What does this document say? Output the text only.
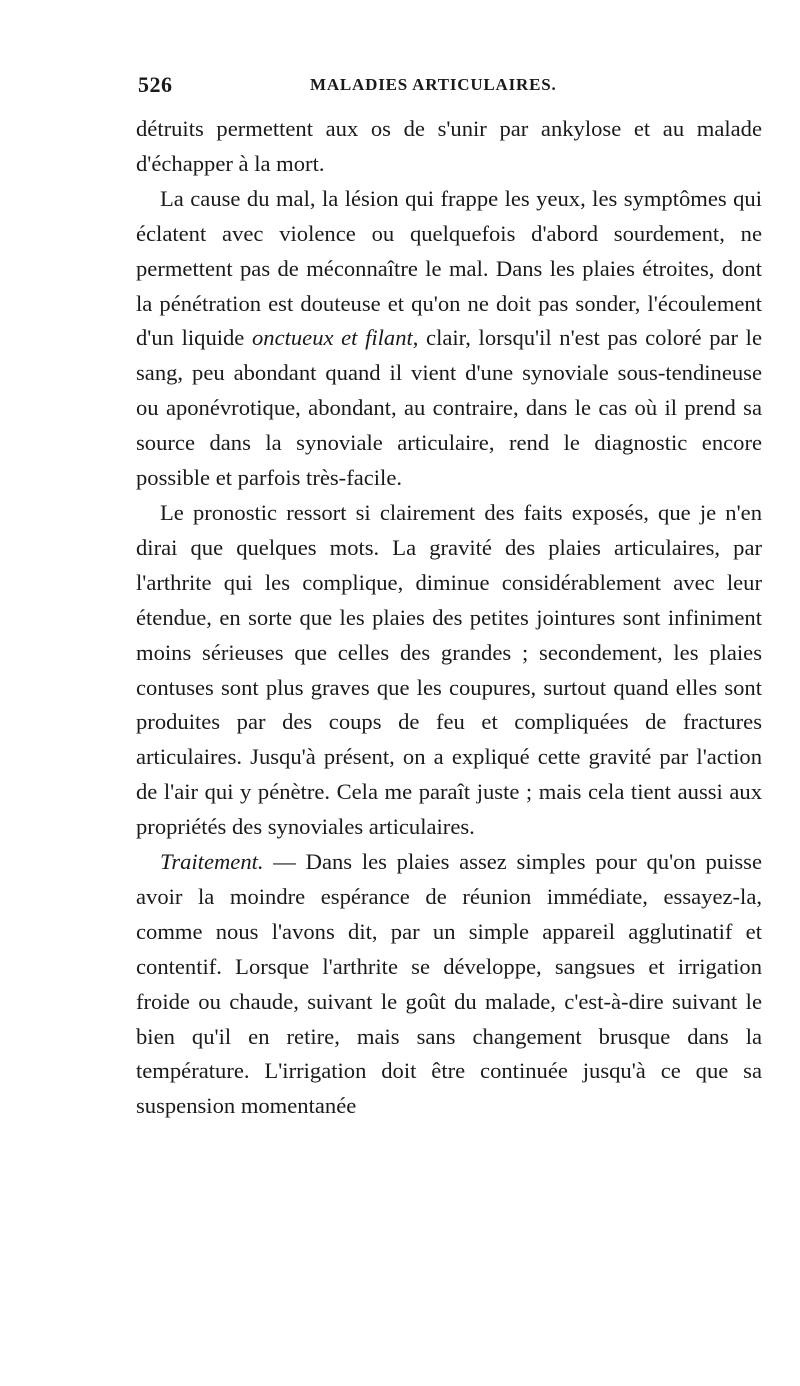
526	MALADIES ARTICULAIRES.

détruits permettent aux os de s'unir par ankylose et au malade d'échapper à la mort.

La cause du mal, la lésion qui frappe les yeux, les symptômes qui éclatent avec violence ou quelquefois d'abord sourdement, ne permettent pas de méconnaître le mal. Dans les plaies étroites, dont la pénétration est douteuse et qu'on ne doit pas sonder, l'écoulement d'un liquide onctueux et filant, clair, lorsqu'il n'est pas coloré par le sang, peu abondant quand il vient d'une synoviale sous-tendineuse ou aponévrotique, abondant, au contraire, dans le cas où il prend sa source dans la synoviale articulaire, rend le diagnostic encore possible et parfois très-facile.

Le pronostic ressort si clairement des faits exposés, que je n'en dirai que quelques mots. La gravité des plaies articulaires, par l'arthrite qui les complique, diminue considérablement avec leur étendue, en sorte que les plaies des petites jointures sont infiniment moins sérieuses que celles des grandes ; secondement, les plaies contuses sont plus graves que les coupures, surtout quand elles sont produites par des coups de feu et compliquées de fractures articulaires. Jusqu'à présent, on a expliqué cette gravité par l'action de l'air qui y pénètre. Cela me paraît juste ; mais cela tient aussi aux propriétés des synoviales articulaires.

Traitement. — Dans les plaies assez simples pour qu'on puisse avoir la moindre espérance de réunion immédiate, essayez-la, comme nous l'avons dit, par un simple appareil agglutinatif et contentif. Lorsque l'arthrite se développe, sangsues et irrigation froide ou chaude, suivant le goût du malade, c'est-à-dire suivant le bien qu'il en retire, mais sans changement brusque dans la température. L'irrigation doit être continuée jusqu'à ce que sa suspension momentanée
